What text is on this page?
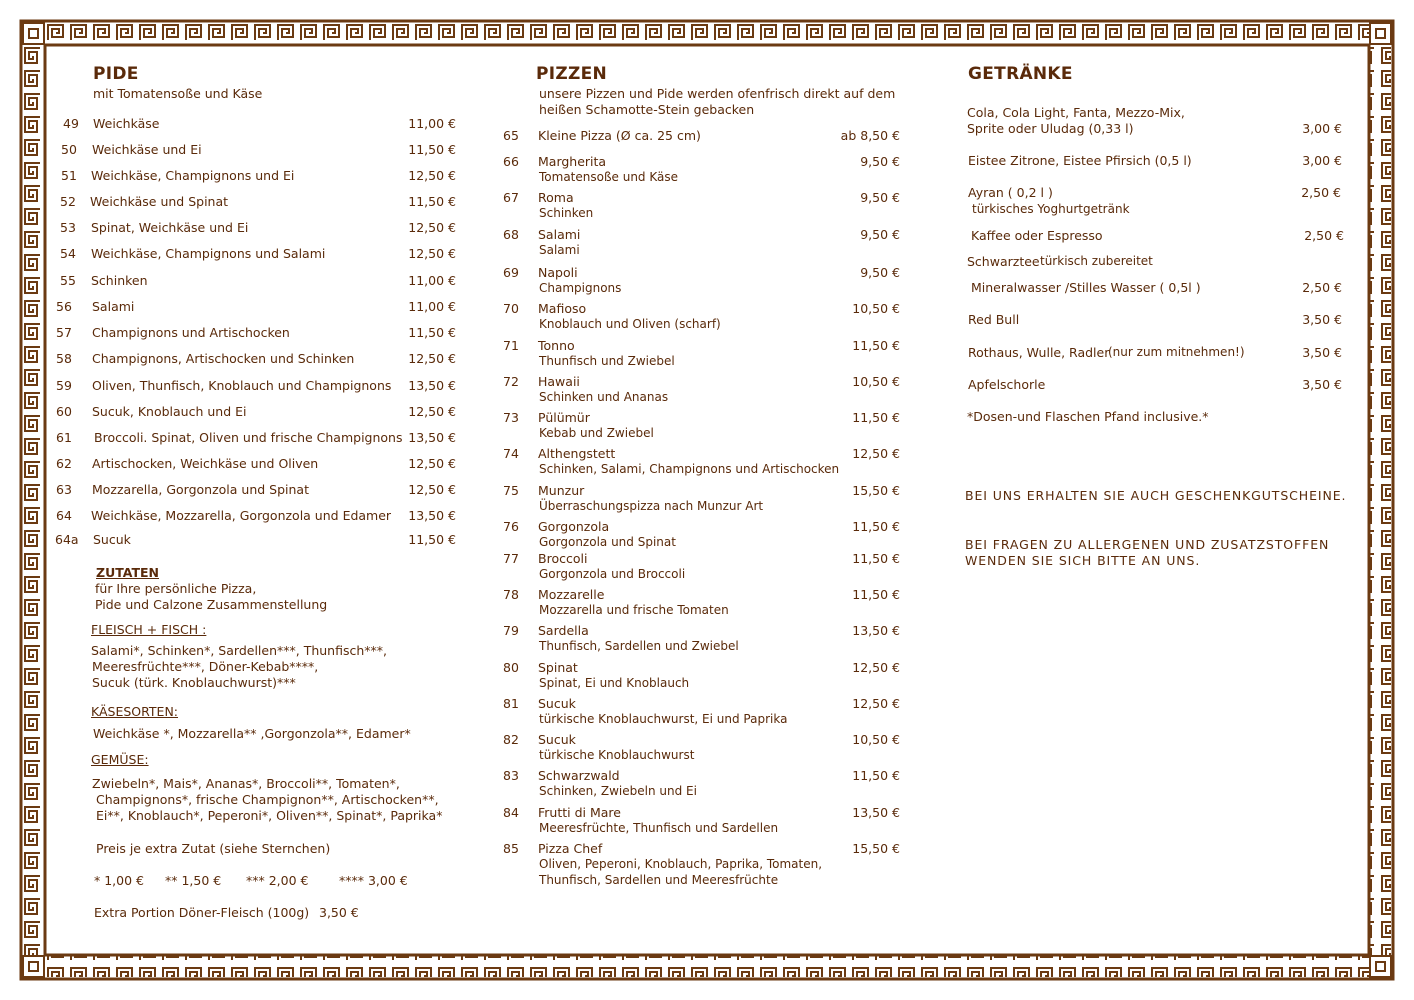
PIDE
mit Tomatensoße und Käse
49 Weichkäse	11,00 €
50 Weichkäse und Ei	11,50 €
51 Weichkäse, Champignons und Ei	12,50 €
52 Weichkäse und Spinat	11,50 €
53 Spinat, Weichkäse und Ei	12,50 €
54 Weichkäse, Champignons und Salami	12,50 €
55 Schinken	11,00 €
56 Salami	11,00 €
57 Champignons und Artischocken	11,50 €
58 Champignons, Artischocken und Schinken	12,50 €
59 Oliven, Thunfisch, Knoblauch und Champignons	13,50 €
60 Sucuk, Knoblauch und Ei	12,50 €
61 Broccoli. Spinat, Oliven und frische Champignons 13,50 €
62 Artischocken, Weichkäse und Oliven	12,50 €
63 Mozzarella, Gorgonzola und Spinat	12,50 €
64 Weichkäse, Mozzarella, Gorgonzola und Edamer	13,50 €
64a Sucuk	11,50 €
ZUTATEN
für Ihre persönliche Pizza,
Pide und Calzone Zusammenstellung
FLEISCH + FISCH :
Salami*, Schinken*, Sardellen***, Thunfisch***,
Meeresfrüchte***, Döner-Kebab****,
Sucuk (türk. Knoblauchwurst)***
KÄSESORTEN:
Weichkäse *, Mozzarella** ,Gorgonzola**, Edamer*
GEMÜSE:
Zwiebeln*, Mais*, Ananas*, Broccoli**, Tomaten*,
Champignons*, frische Champignon**, Artischocken**,
Ei**, Knoblauch*, Peperoni*, Oliven**, Spinat*, Paprika*
Preis je extra Zutat (siehe Sternchen)
* 1,00 € ** 1,50 € *** 2,00 € **** 3,00 €
Extra Portion Döner-Fleisch (100g) 3,50 €
PIZZEN
unsere Pizzen und Pide werden ofenfrisch direkt auf dem
heißen Schamotte-Stein gebacken
65 Kleine Pizza (Ø ca. 25 cm)	ab 8,50 €
66 Margherita	9,50 €
Tomatensoße und Käse
67 Roma	9,50 €
Schinken
68 Salami	9,50 €
Salami
69 Napoli	9,50 €
Champignons
70 Mafioso	10,50 €
Knoblauch und Oliven (scharf)
71 Tonno	11,50 €
Thunfisch und Zwiebel
72 Hawaii	10,50 €
Schinken und Ananas
73 Pülümür	11,50 €
Kebab und Zwiebel
74 Althengstett	12,50 €
Schinken, Salami, Champignons und Artischocken
75 Munzur	15,50 €
Überraschungspizza nach Munzur Art
76 Gorgonzola	11,50 €
Gorgonzola und Spinat
77 Broccoli	11,50 €
Gorgonzola und Broccoli
78 Mozzarelle	11,50 €
Mozzarella und frische Tomaten
79 Sardella	13,50 €
Thunfisch, Sardellen und Zwiebel
80 Spinat	12,50 €
Spinat, Ei und Knoblauch
81 Sucuk	12,50 €
türkische Knoblauchwurst, Ei und Paprika
82 Sucuk	10,50 €
türkische Knoblauchwurst
83 Schwarzwald	11,50 €
Schinken, Zwiebeln und Ei
84 Frutti di Mare	13,50 €
Meeresfrüchte, Thunfisch und Sardellen
85 Pizza Chef	15,50 €
Oliven, Peperoni, Knoblauch, Paprika, Tomaten,
Thunfisch, Sardellen und Meeresfrüchte
GETRÄNKE
Cola, Cola Light, Fanta, Mezzo-Mix,
Sprite oder Uludag (0,33 l)	3,00 €
Eistee Zitrone, Eistee Pfirsich (0,5 l)	3,00 €
Ayran ( 0,2 l )
türkisches Yoghurtgetränk
2,50 €
Kaffee oder Espresso	2,50 €
Schwarztee türkisch zubereitet
Mineralwasser /Stilles Wasser ( 0,5l )	2,50 €
Red Bull	3,50 €
Rothaus, Wulle, Radler
(nur zum mitnehmen!)	3,50 €
Apfelschorle	3,50 €
*Dosen-und Flaschen Pfand inclusive.*
BEI UNS ERHALTEN SIE AUCH GESCHENKGUTSCHEINE.
BEI FRAGEN ZU ALLERGENEN UND ZUSATZSTOFFEN
WENDEN SIE SICH BITTE AN UNS.
